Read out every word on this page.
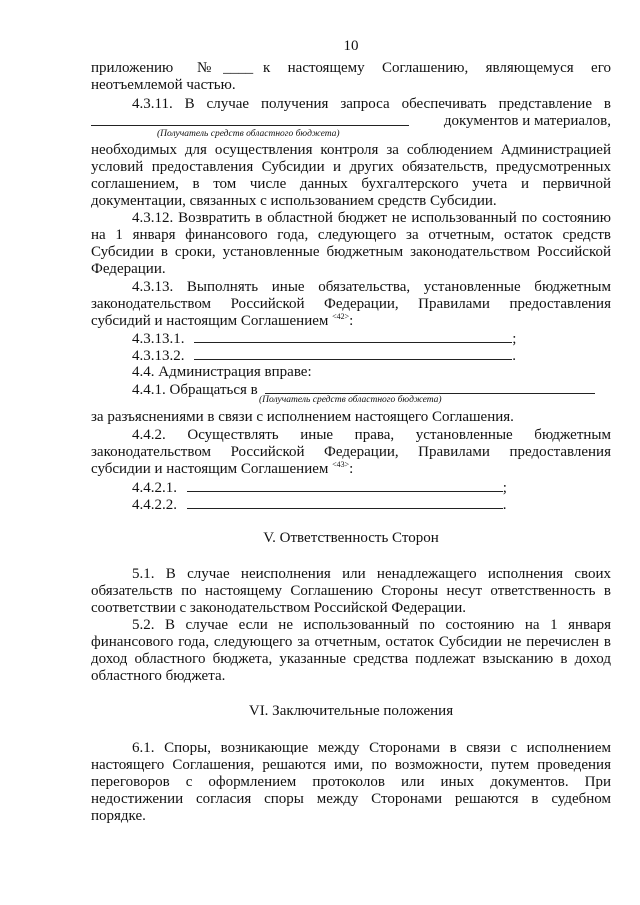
10
приложению № ____ к настоящему Соглашению, являющемуся его
неотъемлемой частью.
4.3.11. В случае получения запроса обеспечивать представление в
документов и материалов,
(Получатель средств областного бюджета)
необходимых для осуществления контроля за соблюдением Администрацией
условий предоставления Субсидии и других обязательств, предусмотренных
соглашением, в том числе данных бухгалтерского учета и первичной
документации, связанных с использованием средств Субсидии.
4.3.12. Возвратить в областной бюджет не использованный по состоянию
на 1 января финансового года, следующего за отчетным, остаток средств
Субсидии в сроки, установленные бюджетным законодательством Российской
Федерации.
4.3.13. Выполнять иные обязательства, установленные бюджетным
законодательством Российской Федерации, Правилами предоставления
субсидий и настоящим Соглашением $^{<42>}$:
4.3.13.1.	;
4.3.13.2.	.
4.4. Администрация вправе:
4.4.1. Обращаться в
(Получатель средств областного бюджета)
за разъяснениями в связи с исполнением настоящего Соглашения.
4.4.2. Осуществлять иные права, установленные бюджетным
законодательством Российской Федерации, Правилами предоставления
субсидии и настоящим Соглашением $^{<43>}$:
4.4.2.1.	;
4.4.2.2.	.
V. Ответственность Сторон
5.1. В случае неисполнения или ненадлежащего исполнения своих
обязательств по настоящему Соглашению Стороны несут ответственность в
соответствии с законодательством Российской Федерации.
5.2. В случае если не использованный по состоянию на 1 января
финансового года, следующего за отчетным, остаток Субсидии не перечислен в
доход областного бюджета, указанные средства подлежат взысканию в доход
областного бюджета.
VI. Заключительные положения
6.1. Споры, возникающие между Сторонами в связи с исполнением
настоящего Соглашения, решаются ими, по возможности, путем проведения
переговоров с оформлением протоколов или иных документов. При
недостижении согласия споры между Сторонами решаются в судебном
порядке.
